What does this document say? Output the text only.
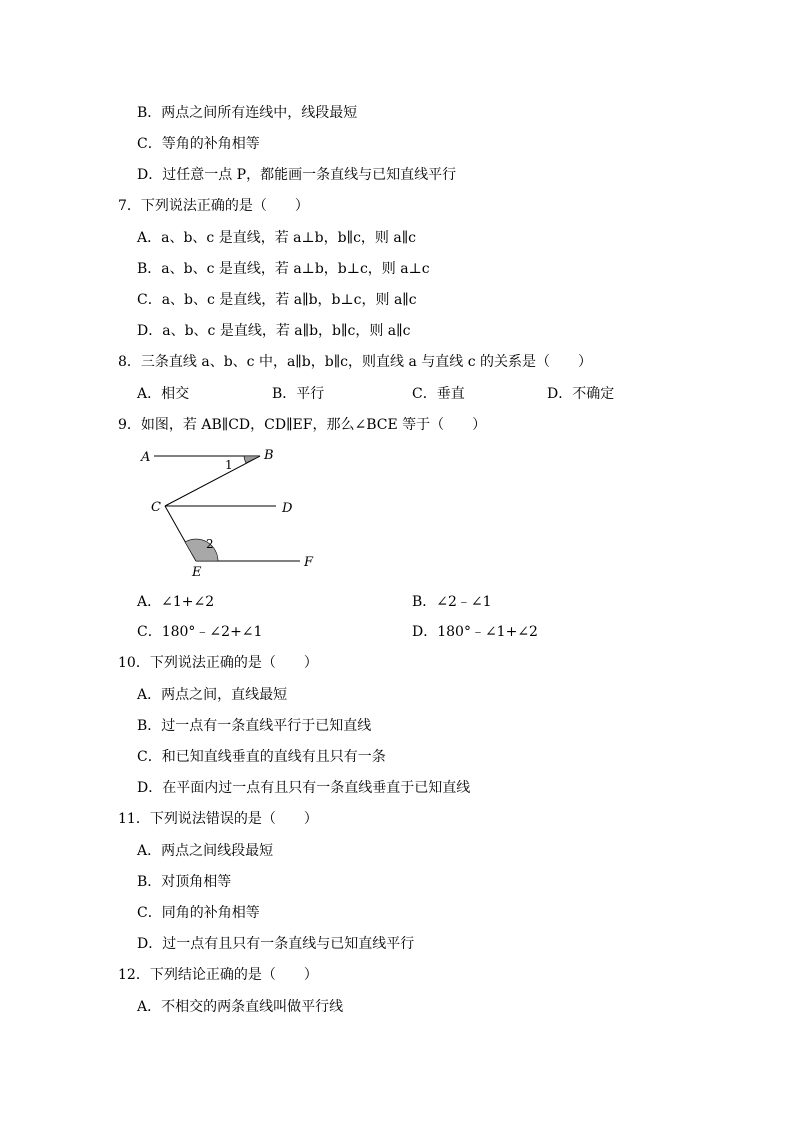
B．两点之间所有连线中，线段最短
C．等角的补角相等
D．过任意一点 P，都能画一条直线与已知直线平行
7．下列说法正确的是（　　）
A．a、b、c 是直线，若 a⊥b，b∥c，则 a∥c
B．a、b、c 是直线，若 a⊥b，b⊥c，则 a⊥c
C．a、b、c 是直线，若 a∥b，b⊥c，则 a∥c
D．a、b、c 是直线，若 a∥b，b∥c，则 a∥c
8．三条直线 a、b、c 中，a∥b，b∥c，则直线 a 与直线 c 的关系是（　　）
A．相交	B．平行	C．垂直	D．不确定
9．如图，若 AB∥CD，CD∥EF，那么∠BCE 等于（　　）
A	B
C	D
E
F
1
2
A．∠1+∠2	B．∠2﹣∠1
C．180°﹣∠2+∠1	D．180°﹣∠1+∠2
10．下列说法正确的是（　　）
A．两点之间，直线最短
B．过一点有一条直线平行于已知直线
C．和已知直线垂直的直线有且只有一条
D．在平面内过一点有且只有一条直线垂直于已知直线
11．下列说法错误的是（　　）
A．两点之间线段最短
B．对顶角相等
C．同角的补角相等
D．过一点有且只有一条直线与已知直线平行
12．下列结论正确的是（　　）
A．不相交的两条直线叫做平行线
